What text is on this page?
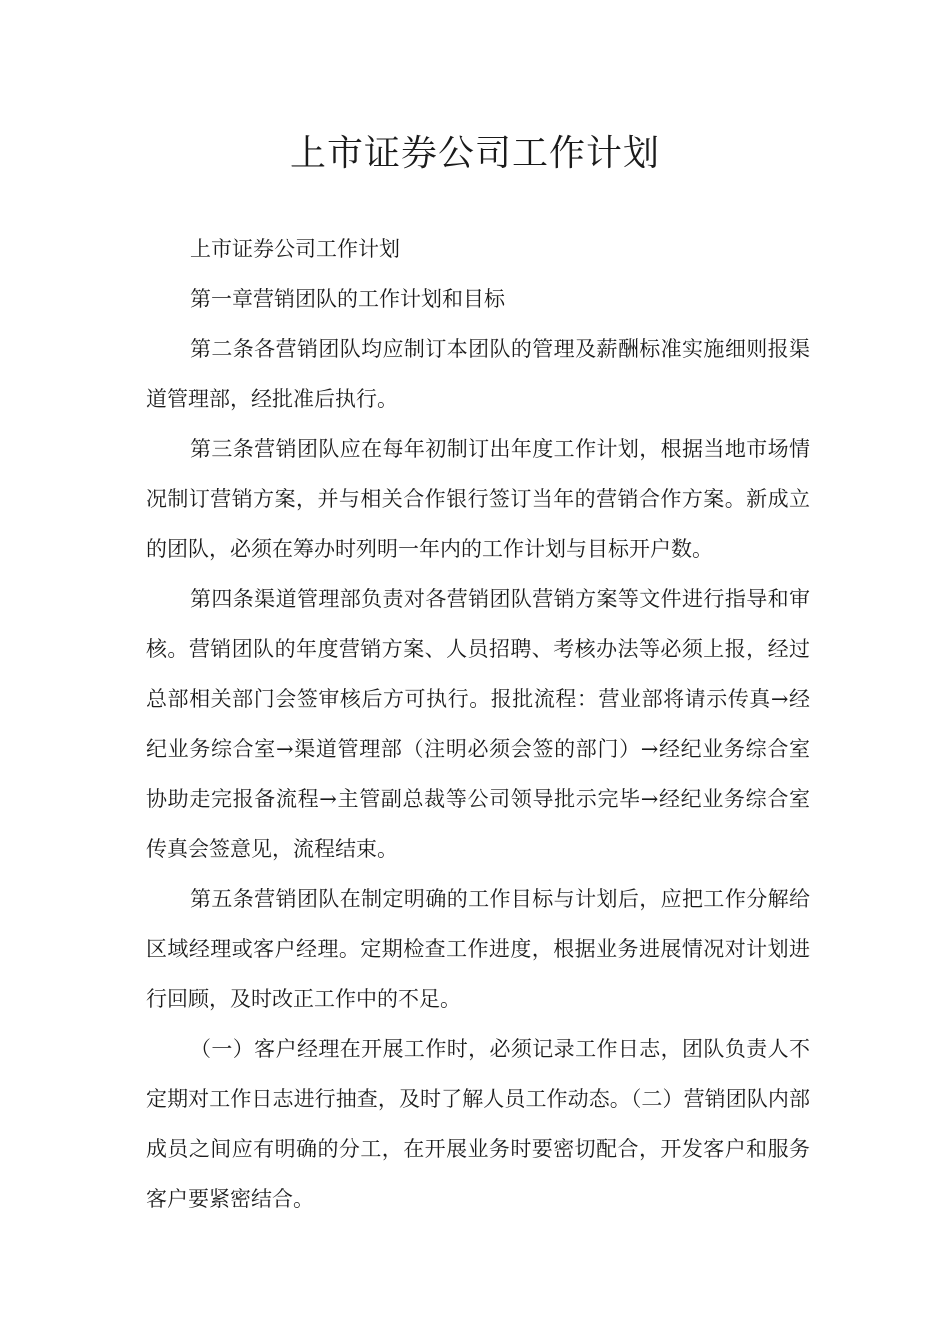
上市证券公司工作计划

上市证券公司工作计划

第一章营销团队的工作计划和目标

第二条各营销团队均应制订本团队的管理及薪酬标准实施细则报渠道管理部，经批准后执行。

第三条营销团队应在每年初制订出年度工作计划，根据当地市场情况制订营销方案，并与相关合作银行签订当年的营销合作方案。新成立的团队，必须在筹办时列明一年内的工作计划与目标开户数。

第四条渠道管理部负责对各营销团队营销方案等文件进行指导和审核。营销团队的年度营销方案、人员招聘、考核办法等必须上报，经过总部相关部门会签审核后方可执行。报批流程：营业部将请示传真→经纪业务综合室→渠道管理部（注明必须会签的部门）→经纪业务综合室协助走完报备流程→主管副总裁等公司领导批示完毕→经纪业务综合室传真会签意见，流程结束。

第五条营销团队在制定明确的工作目标与计划后，应把工作分解给区域经理或客户经理。定期检查工作进度，根据业务进展情况对计划进行回顾，及时改正工作中的不足。

（一）客户经理在开展工作时，必须记录工作日志，团队负责人不定期对工作日志进行抽查，及时了解人员工作动态。（二）营销团队内部成员之间应有明确的分工，在开展业务时要密切配合，开发客户和服务客户要紧密结合。
